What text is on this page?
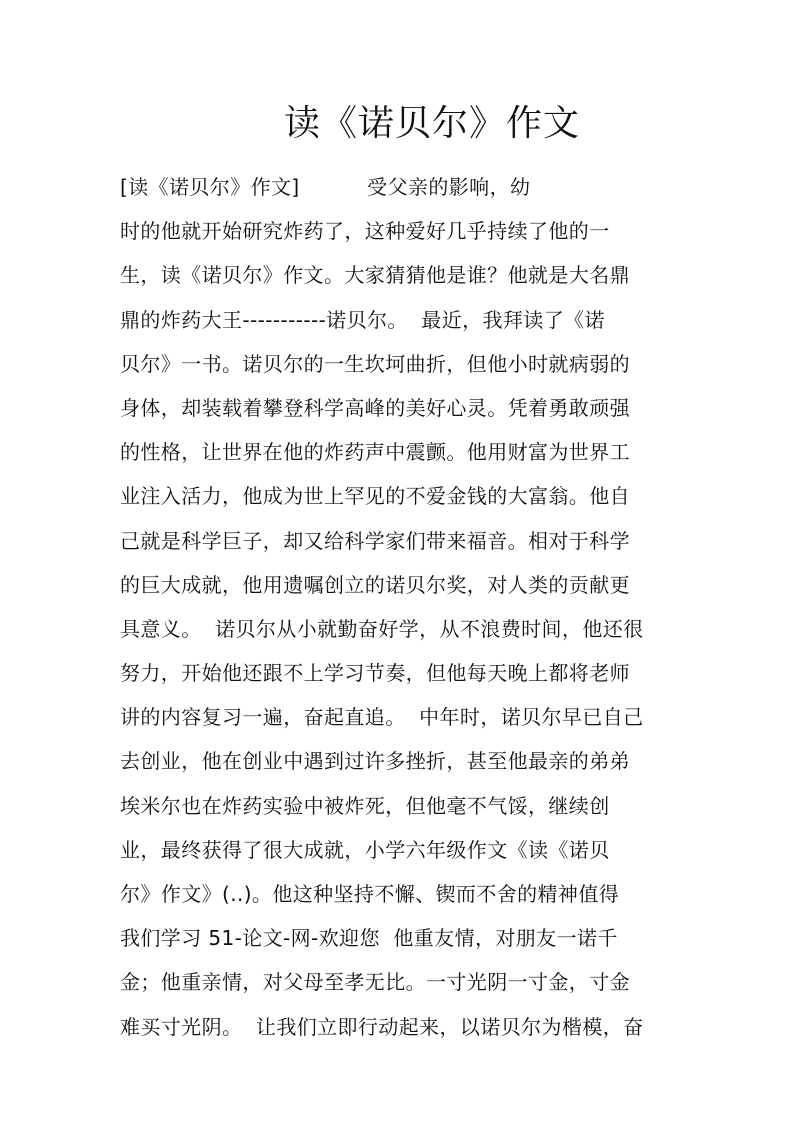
读《诺贝尔》作文
[读《诺贝尔》作文]          受父亲的影响，幼
时的他就开始研究炸药了，这种爱好几乎持续了他的一
生，读《诺贝尔》作文。大家猜猜他是谁？他就是大名鼎
鼎的炸药大王-----------诺贝尔。  最近，我拜读了《诺
贝尔》一书。诺贝尔的一生坎坷曲折，但他小时就病弱的
身体，却装载着攀登科学高峰的美好心灵。凭着勇敢顽强
的性格，让世界在他的炸药声中震颤。他用财富为世界工
业注入活力，他成为世上罕见的不爱金钱的大富翁。他自
己就是科学巨子，却又给科学家们带来福音。相对于科学
的巨大成就，他用遗嘱创立的诺贝尔奖，对人类的贡献更
具意义。  诺贝尔从小就勤奋好学，从不浪费时间，他还很
努力，开始他还跟不上学习节奏，但他每天晚上都将老师
讲的内容复习一遍，奋起直追。  中年时，诺贝尔早已自己
去创业，他在创业中遇到过许多挫折，甚至他最亲的弟弟
埃米尔也在炸药实验中被炸死，但他毫不气馁，继续创
业，最终获得了很大成就，小学六年级作文《读《诺贝
尔》作文》(..)。他这种坚持不懈、锲而不舍的精神值得
我们学习 51-论文-网-欢迎您  他重友情，对朋友一诺千
金；他重亲情，对父母至孝无比。一寸光阴一寸金，寸金
难买寸光阴。  让我们立即行动起来，以诺贝尔为楷模，奋
